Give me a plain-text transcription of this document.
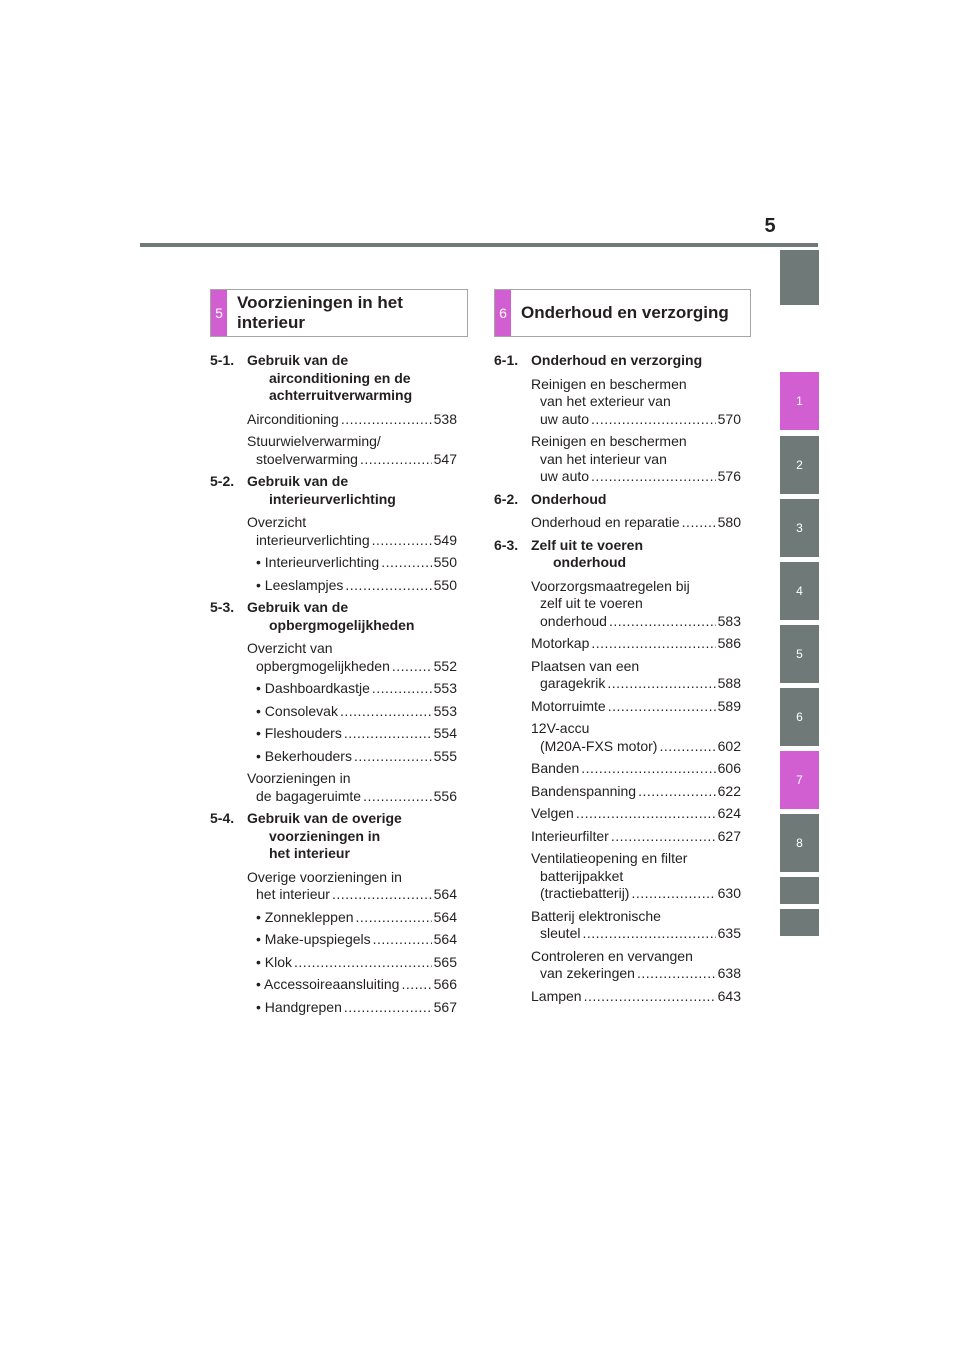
5
1
2
3
4
5
6
7
8
5
Voorzieningen in het
interieur	6 Onderhoud en verzorging
5-1. Gebruik van de
airconditioning en de
achterruitverwarming
Airconditioning .....	538
Stuurwielverwarming/
stoelverwarming .....	547
5-2. Gebruik van de
interieurverlichting
Overzicht
interieurverlichting .....	549
• Interieurverlichting .....	550
• Leeslampjes .....	550
5-3. Gebruik van de
opbergmogelijkheden
Overzicht van
opbergmogelijkheden .....	552
• Dashboardkastje .....	553
• Consolevak .....	553
• Fleshouders .....	554
• Bekerhouders .....	555
Voorzieningen in
de bagageruimte .....	556
5-4. Gebruik van de overige
voorzieningen in
het interieur
Overige voorzieningen in
het interieur .....	564
• Zonnekleppen .....	564
• Make-upspiegels .....	564
• Klok .....	565
• Accessoireaansluiting ..... 566
• Handgrepen .....	567
6-1. Onderhoud en verzorging
Reinigen en beschermen
van het exterieur van
uw auto .....	570
Reinigen en beschermen
van het interieur van
uw auto .....	576
6-2. Onderhoud
Onderhoud en reparatie .....	580
6-3. Zelf uit te voeren
onderhoud
Voorzorgsmaatregelen bij
zelf uit te voeren
onderhoud .....	583
Motorkap .....	586
Plaatsen van een
garagekrik .....	588
Motorruimte .....	589
12V-accu
(M20A-FXS motor) .....	602
Banden .....	606
Bandenspanning .....	622
Velgen .....	624
Interieurfilter .....	627
Ventilatieopening en filter
batterijpakket
(tractiebatterij) .....	630
Batterij elektronische
sleutel .....	635
Controleren en vervangen
van zekeringen .....	638
Lampen .....	643
